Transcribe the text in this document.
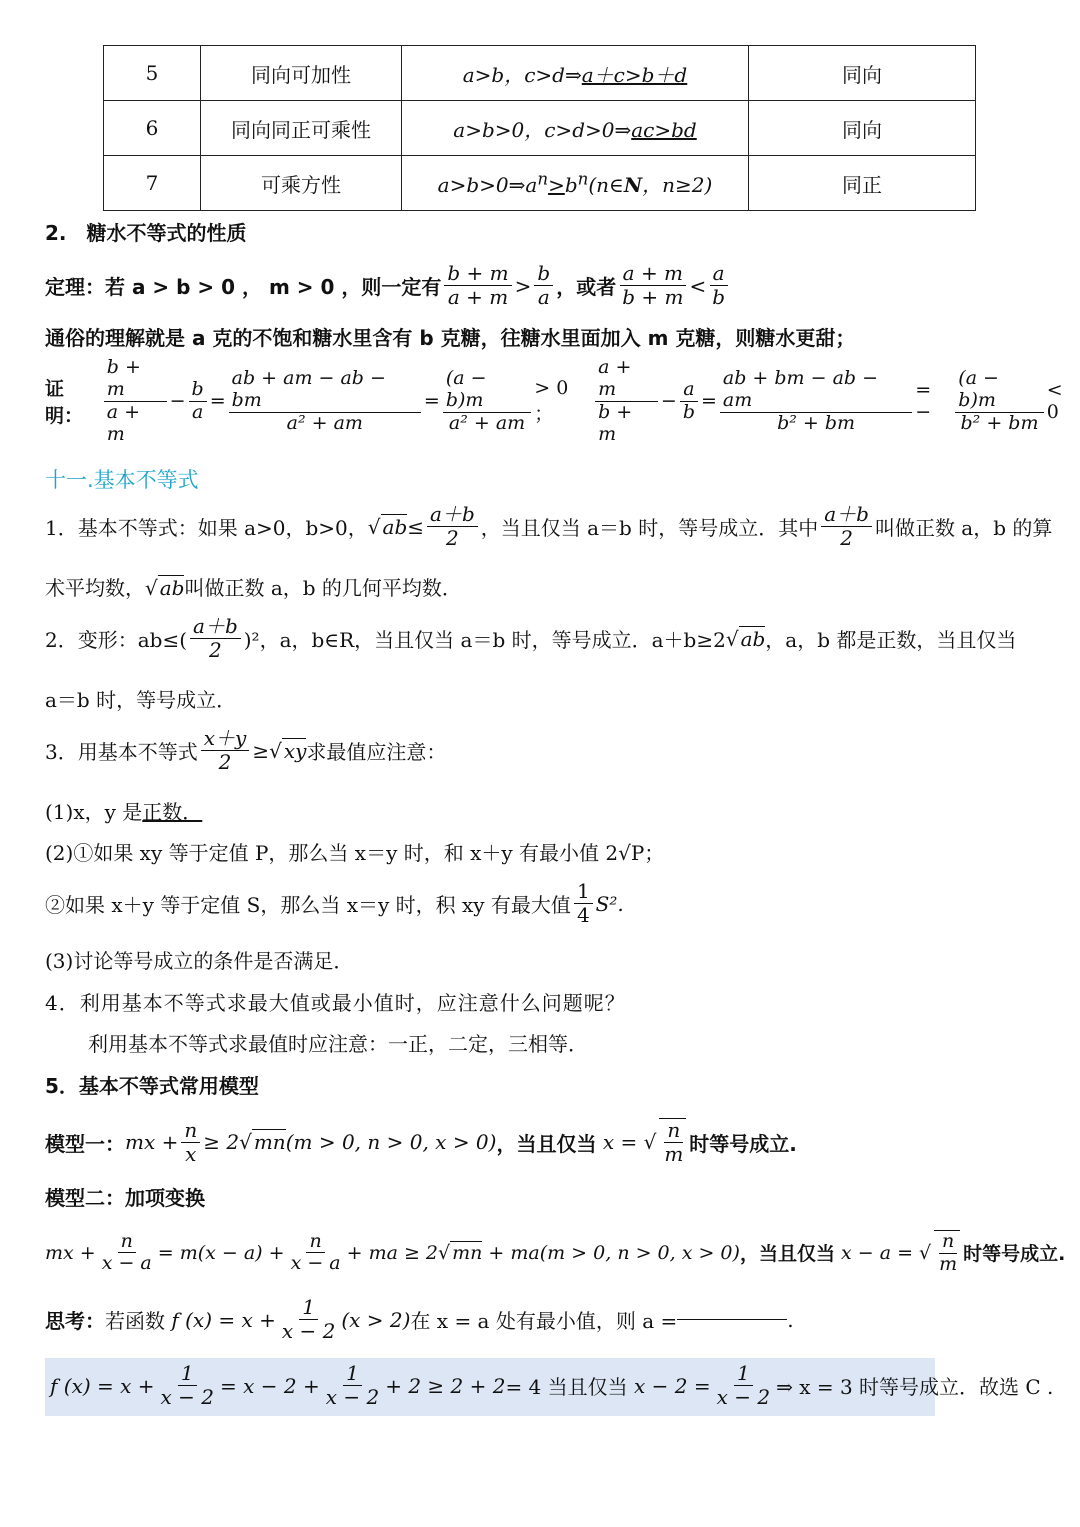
5	同向可加性	a>b，c>d⇒a＋c>b＋d	同向
6	同向同正可乘性	a>b>0，c>d>0⇒ac>bd	同向
7	可乘方性	$a>b>0\Rightarrow a^n>b^n(n\in N$，n≥2)	同正
2.　糖水不等式的性质
定理： 若 a > b > 0 ， m > 0 ，则一定有 $\frac{b + m}{a + m} > \frac{b}{a}$ ，或者 $\frac{a + m}{b + m} < \frac{a}{b}$
通俗的理解就是 a 克的不饱和糖水里含有 b 克糖，往糖水里面加入 m 克糖，则糖水更甜；
证明：	$\frac{b + m}{a + m} - \frac{b}{a} = \frac{ab + am - ab - bm}{\text{a² + am}} = \frac{(a - b)m}{\text{a² + am}} > 0$ ； $\frac{a + m}{b + m} - \frac{a}{b} = \frac{ab + bm - ab - am}{\text{b² + bm}}$ = − $\frac{(a - b)m}{\text{b² + bm}} < 0$
十一.基本不等式
1．基本不等式：如果 a>0，b>0， √ $ab\le \frac{a+b}{2}$ ，当且仅当 a＝b 时，等号成立．其中 $\frac{a+b}{2}$ 叫做正数 a，b 的算
术平均数，√ ab叫做正数 a，b 的几何平均数．
2．变形：$ab\le( \frac{a+b}{2} )^2$，a，b∈R，当且仅当 a＝b 时，等号成立．a＋b≥2 √ ab ，a，b 都是正数，当且仅当
a＝b 时，等号成立．
3．用基本不等式 $\frac{x+y}{2}$ ≥√ xy 求最值应注意：
(1)x，y 是正数．
(2)①如果 xy 等于定值 P，那么当 x＝y 时，和 x＋y 有最小值 2√P；
②如果 x＋y 等于定值 S，那么当 x＝y 时，积 xy 有最大值 $\frac{1}{4} S^2$.
(3)讨论等号成立的条件是否满足．
4．利用基本不等式求最大值或最小值时，应注意什么问题呢？
利用基本不等式求最值时应注意：一正，二定，三相等．
5．基本不等式常用模型
模型一： mx + $\frac{n}{x} \ge 2√$ mn(m > 0, n > 0, x > 0) ，当且仅当 x = √ $\frac{n}{m}$ 时等号成立.
模型二：加项变换
mx + $\frac{n}{x - a} = m(x - a) + \frac{n}{x - a}$ + ma ≥ 2√ mn + ma(m > 0, n > 0, x > 0) ，当且仅当 x − a = √ $\frac{n}{m}$ 时等号成立.
思考： 若函数 f $(x) = x + \frac{1}{x - 2} (x > 2)$ 在 x = a 处有最小值，则 a =	.
f $(x) = x + \frac{1}{x - 2} = x - 2 + \frac{1}{x - 2} + 2 \ge 2 + 2 = 4$ 当且仅当 $x - 2 = \frac{1}{x - 2}$ ⇒ x = 3 时等号成立．故选 C .
